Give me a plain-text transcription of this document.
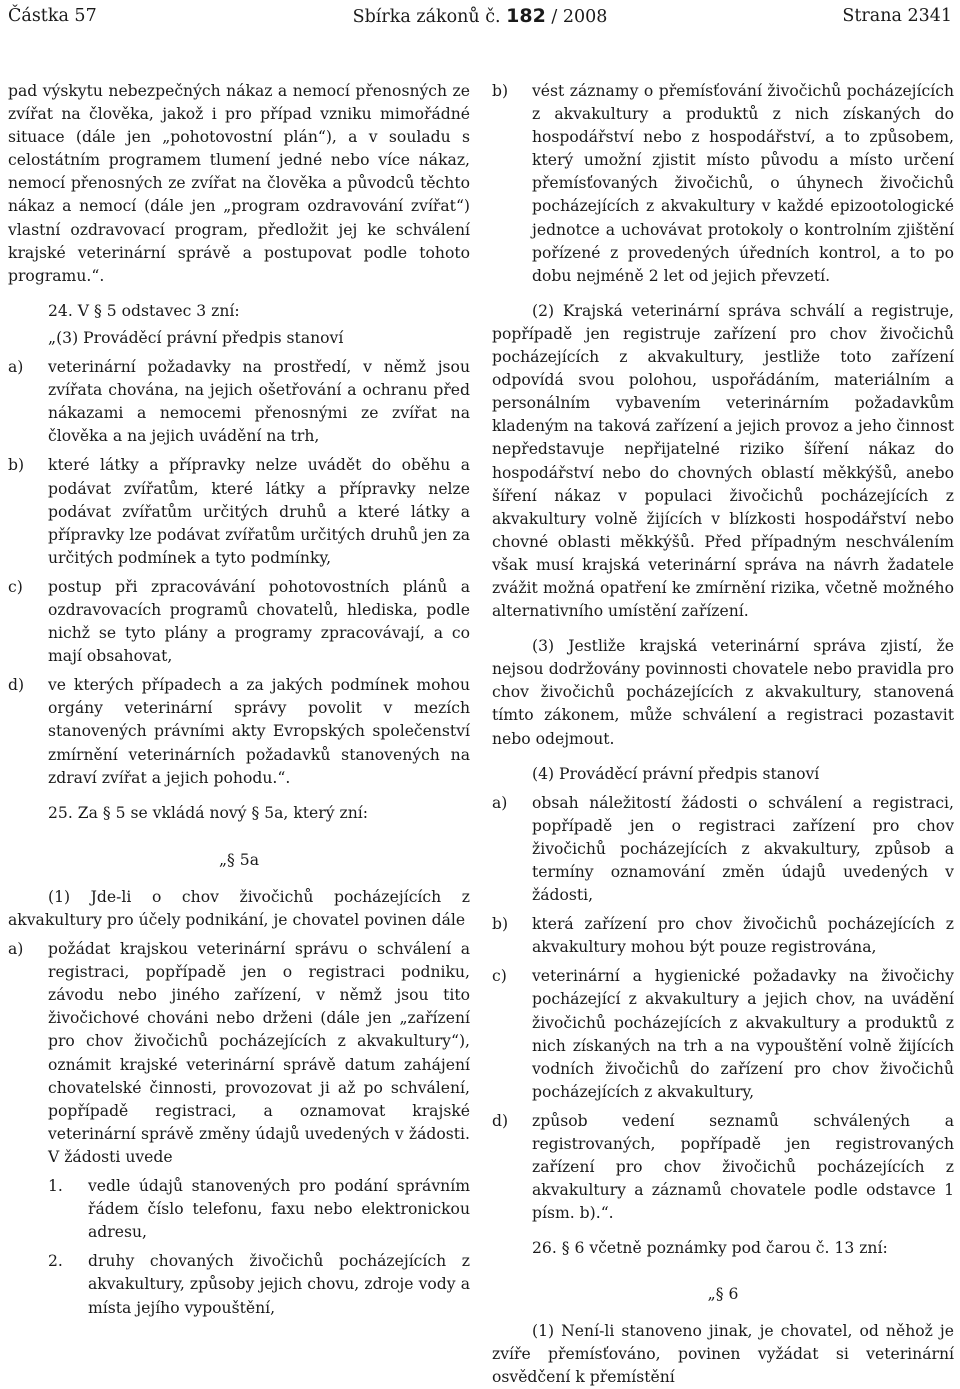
Částka 57	Sbírka zákonů č. 182 / 2008	Strana 2341

pad výskytu nebezpečných nákaz a nemocí přenosných ze zvířat na člověka, jakož i pro případ vzniku mimořádné situace (dále jen „pohotovostní plán“), a v souladu s celostátním programem tlumení jedné nebo více nákaz, nemocí přenosných ze zvířat na člověka a původců těchto nákaz a nemocí (dále jen „program ozdravování zvířat“) vlastní ozdravovací program, předložit jej ke schválení krajské veterinární správě a postupovat podle tohoto programu.“.

24. V § 5 odstavec 3 zní:

„(3) Prováděcí právní předpis stanoví

a) veterinární požadavky na prostředí, v němž jsou zvířata chována, na jejich ošetřování a ochranu před nákazami a nemocemi přenosnými ze zvířat na člověka a na jejich uvádění na trh,
b) které látky a přípravky nelze uvádět do oběhu a podávat zvířatům, které látky a přípravky nelze podávat zvířatům určitých druhů a které látky a přípravky lze podávat zvířatům určitých druhů jen za určitých podmínek a tyto podmínky,
c) postup při zpracovávání pohotovostních plánů a ozdravovacích programů chovatelů, hlediska, podle nichž se tyto plány a programy zpracovávají, a co mají obsahovat,
d) ve kterých případech a za jakých podmínek mohou orgány veterinární správy povolit v mezích stanovených právními akty Evropských společenství zmírnění veterinárních požadavků stanovených na zdraví zvířat a jejich pohodu.“.

25. Za § 5 se vkládá nový § 5a, který zní:

„§ 5a

(1) Jde-li o chov živočichů pocházejících z akvakultury pro účely podnikání, je chovatel povinen dále

a) požádat krajskou veterinární správu o schválení a registraci, popřípadě jen o registraci podniku, závodu nebo jiného zařízení, v němž jsou tito živočichové chováni nebo drženi (dále jen „zařízení pro chov živočichů pocházejících z akvakultury“), oznámit krajské veterinární správě datum zahájení chovatelské činnosti, provozovat ji až po schválení, popřípadě registraci, a oznamovat krajské veterinární správě změny údajů uvedených v žádosti. V žádosti uvede
1. vedle údajů stanovených pro podání správním řádem číslo telefonu, faxu nebo elektronickou adresu,
2. druhy chovaných živočichů pocházejících z akvakultury, způsoby jejich chovu, zdroje vody a místa jejího vypouštění,
b) vést záznamy o přemísťování živočichů pocházejících z akvakultury a produktů z nich získaných do hospodářství nebo z hospodářství, a to způsobem, který umožní zjistit místo původu a místo určení přemísťovaných živočichů, o úhynech živočichů pocházejících z akvakultury v každé epizootologické jednotce a uchovávat protokoly o kontrolním zjištění pořízené z provedených úředních kontrol, a to po dobu nejméně 2 let od jejich převzetí.

(2) Krajská veterinární správa schválí a registruje, popřípadě jen registruje zařízení pro chov živočichů pocházejících z akvakultury, jestliže toto zařízení odpovídá svou polohou, uspořádáním, materiálním a personálním vybavením veterinárním požadavkům kladeným na taková zařízení a jejich provoz a jeho činnost nepředstavuje nepřijatelné riziko šíření nákaz do hospodářství nebo do chovných oblastí měkkýšů, anebo šíření nákaz v populaci živočichů pocházejících z akvakultury volně žijících v blízkosti hospodářství nebo chovné oblasti měkkýšů. Před případným neschválením však musí krajská veterinární správa na návrh žadatele zvážit možná opatření ke zmírnění rizika, včetně možného alternativního umístění zařízení.

(3) Jestliže krajská veterinární správa zjistí, že nejsou dodržovány povinnosti chovatele nebo pravidla pro chov živočichů pocházejících z akvakultury, stanovená tímto zákonem, může schválení a registraci pozastavit nebo odejmout.

(4) Prováděcí právní předpis stanoví

a) obsah náležitostí žádosti o schválení a registraci, popřípadě jen o registraci zařízení pro chov živočichů pocházejících z akvakultury, způsob a termíny oznamování změn údajů uvedených v žádosti,
b) která zařízení pro chov živočichů pocházejících z akvakultury mohou být pouze registrována,
c) veterinární a hygienické požadavky na živočichy pocházející z akvakultury a jejich chov, na uvádění živočichů pocházejících z akvakultury a produktů z nich získaných na trh a na vypouštění volně žijících vodních živočichů do zařízení pro chov živočichů pocházejících z akvakultury,
d) způsob vedení seznamů schválených a registrovaných, popřípadě jen registrovaných zařízení pro chov živočichů pocházejících z akvakultury a záznamů chovatele podle odstavce 1 písm. b).“.

26. § 6 včetně poznámky pod čarou č. 13 zní:

„§ 6

(1) Není-li stanoveno jinak, je chovatel, od něhož je zvíře přemísťováno, povinen vyžádat si veterinární osvědčení k přemístění
